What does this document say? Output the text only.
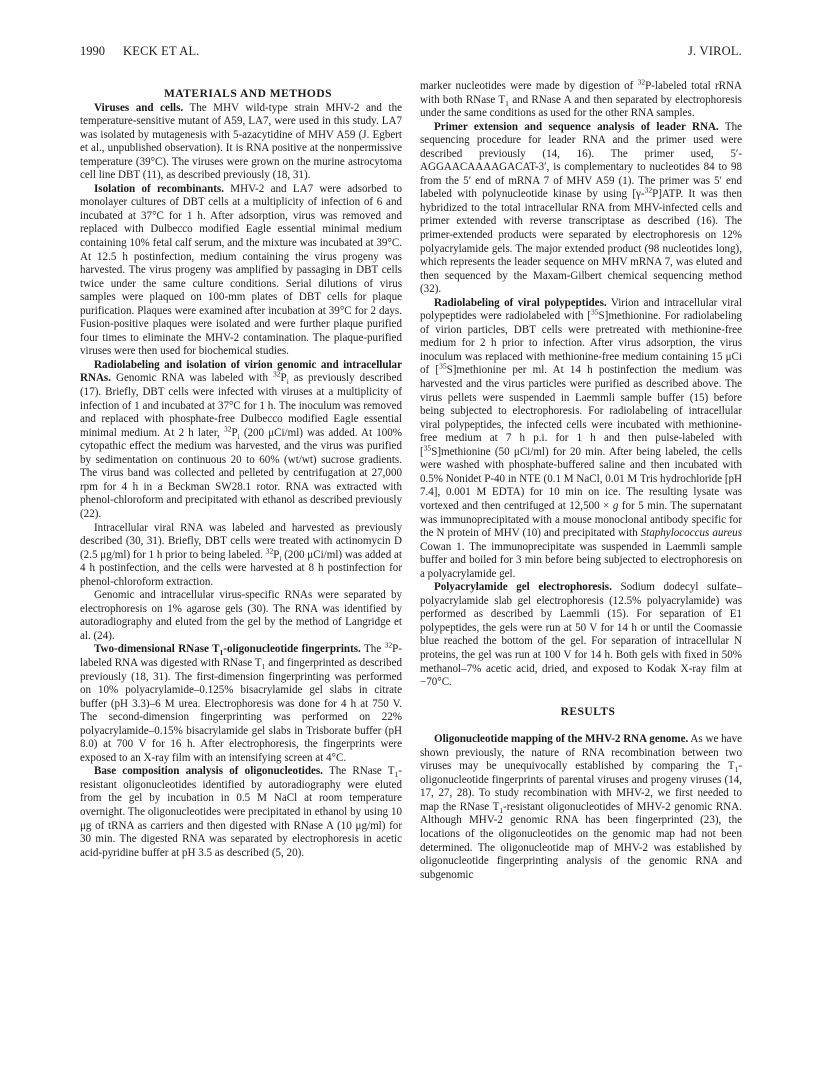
1990 KECK ET AL.	J. VIROL.

MATERIALS AND METHODS

Viruses and cells. The MHV wild-type strain MHV-2 and the temperature-sensitive mutant of A59, LA7, were used in this study. LA7 was isolated by mutagenesis with 5-azacytidine of MHV A59 (J. Egbert et al., unpublished observation). It is RNA positive at the nonpermissive temperature (39°C). The viruses were grown on the murine astrocytoma cell line DBT (11), as described previously (18, 31).

Isolation of recombinants. MHV-2 and LA7 were adsorbed to monolayer cultures of DBT cells at a multiplicity of infection of 6 and incubated at 37°C for 1 h. After adsorption, virus was removed and replaced with Dulbecco modified Eagle essential minimal medium containing 10% fetal calf serum, and the mixture was incubated at 39°C. At 12.5 h postinfection, medium containing the virus progeny was harvested. The virus progeny was amplified by passaging in DBT cells twice under the same culture conditions. Serial dilutions of virus samples were plaqued on 100-mm plates of DBT cells for plaque purification. Plaques were examined after incubation at 39°C for 2 days. Fusion-positive plaques were isolated and were further plaque purified four times to eliminate the MHV-2 contamination. The plaque-purified viruses were then used for biochemical studies.

Radiolabeling and isolation of virion genomic and intracellular RNAs. Genomic RNA was labeled with $^{32}P_i$ as previously described (17). Briefly, DBT cells were infected with viruses at a multiplicity of infection of 1 and incubated at 37°C for 1 h. The inoculum was removed and replaced with phosphate-free Dulbecco modified Eagle essential minimal medium. At 2 h later, $^{32}P_i$ (200 μCi/ml) was added. At 100% cytopathic effect the medium was harvested, and the virus was purified by sedimentation on continuous 20 to 60% (wt/wt) sucrose gradients. The virus band was collected and pelleted by centrifugation at 27,000 rpm for 4 h in a Beckman SW28.1 rotor. RNA was extracted with phenol-chloroform and precipitated with ethanol as described previously (22).

Intracellular viral RNA was labeled and harvested as previously described (30, 31). Briefly, DBT cells were treated with actinomycin D (2.5 μg/ml) for 1 h prior to being labeled. $^{32}P_i$ (200 μCi/ml) was added at 4 h postinfection, and the cells were harvested at 8 h postinfection for phenol-chloroform extraction.

Genomic and intracellular virus-specific RNAs were separated by electrophoresis on 1% agarose gels (30). The RNA was identified by autoradiography and eluted from the gel by the method of Langridge et al. (24).

Two-dimensional RNase $T_1$-oligonucleotide fingerprints. The $^{32}$P-labeled RNA was digested with RNase $T_1$ and fingerprinted as described previously (18, 31). The first-dimension fingerprinting was performed on 10% polyacrylamide–0.125% bisacrylamide gel slabs in citrate buffer (pH 3.3)–6 M urea. Electrophoresis was done for 4 h at 750 V. The second-dimension fingerprinting was performed on 22% polyacrylamide–0.15% bisacrylamide gel slabs in Trisborate buffer (pH 8.0) at 700 V for 16 h. After electrophoresis, the fingerprints were exposed to an X-ray film with an intensifying screen at 4°C.

Base composition analysis of oligonucleotides. The RNase $T_1$-resistant oligonucleotides identified by autoradiography were eluted from the gel by incubation in 0.5 M NaCl at room temperature overnight. The oligonucleotides were precipitated in ethanol by using 10 μg of tRNA as carriers and then digested with RNase A (10 μg/ml) for 30 min. The digested RNA was separated by electrophoresis in acetic acid-pyridine buffer at pH 3.5 as described (5, 20).

marker nucleotides were made by digestion of $^{32}$P-labeled total rRNA with both RNase $T_1$ and RNase A and then separated by electrophoresis under the same conditions as used for the other RNA samples.

Primer extension and sequence analysis of leader RNA. The sequencing procedure for leader RNA and the primer used were described previously (14, 16). The primer used, 5′-AGGAACAAAAGACAT-3′, is complementary to nucleotides 84 to 98 from the 5′ end of mRNA 7 of MHV A59 (1). The primer was 5′ end labeled with polynucleotide kinase by using [γ-$^{32}$P]ATP. It was then hybridized to the total intracellular RNA from MHV-infected cells and primer extended with reverse transcriptase as described (16). The primer-extended products were separated by electrophoresis on 12% polyacrylamide gels. The major extended product (98 nucleotides long), which represents the leader sequence on MHV mRNA 7, was eluted and then sequenced by the Maxam-Gilbert chemical sequencing method (32).

Radiolabeling of viral polypeptides. Virion and intracellular viral polypeptides were radiolabeled with [$^{35}$S]methionine. For radiolabeling of virion particles, DBT cells were pretreated with methionine-free medium for 2 h prior to infection. After virus adsorption, the virus inoculum was replaced with methionine-free medium containing 15 μCi of [$^{35}$S]methionine per ml. At 14 h postinfection the medium was harvested and the virus particles were purified as described above. The virus pellets were suspended in Laemmli sample buffer (15) before being subjected to electrophoresis. For radiolabeling of intracellular viral polypeptides, the infected cells were incubated with methionine-free medium at 7 h p.i. for 1 h and then pulse-labeled with [$^{35}$S]methionine (50 μCi/ml) for 20 min. After being labeled, the cells were washed with phosphate-buffered saline and then incubated with 0.5% Nonidet P-40 in NTE (0.1 M NaCl, 0.01 M Tris hydrochloride [pH 7.4], 0.001 M EDTA) for 10 min on ice. The resulting lysate was vortexed and then centrifuged at 12,500 × g for 5 min. The supernatant was immunoprecipitated with a mouse monoclonal antibody specific for the N protein of MHV (10) and precipitated with Staphylococcus aureus Cowan 1. The immunoprecipitate was suspended in Laemmli sample buffer and boiled for 3 min before being subjected to electrophoresis on a polyacrylamide gel.

Polyacrylamide gel electrophoresis. Sodium dodecyl sulfate–polyacrylamide slab gel electrophoresis (12.5% polyacrylamide) was performed as described by Laemmli (15). For separation of E1 polypeptides, the gels were run at 50 V for 14 h or until the Coomassie blue reached the bottom of the gel. For separation of intracellular N proteins, the gel was run at 100 V for 14 h. Both gels with fixed in 50% methanol–7% acetic acid, dried, and exposed to Kodak X-ray film at −70°C.

RESULTS

Oligonucleotide mapping of the MHV-2 RNA genome. As we have shown previously, the nature of RNA recombination between two viruses may be unequivocally established by comparing the $T_1$-oligonucleotide fingerprints of parental viruses and progeny viruses (14, 17, 27, 28). To study recombination with MHV-2, we first needed to map the RNase $T_1$-resistant oligonucleotides of MHV-2 genomic RNA. Although MHV-2 genomic RNA has been fingerprinted (23), the locations of the oligonucleotides on the genomic map had not been determined. The oligonucleotide map of MHV-2 was established by oligonucleotide fingerprinting analysis of the genomic RNA and subgenomic
